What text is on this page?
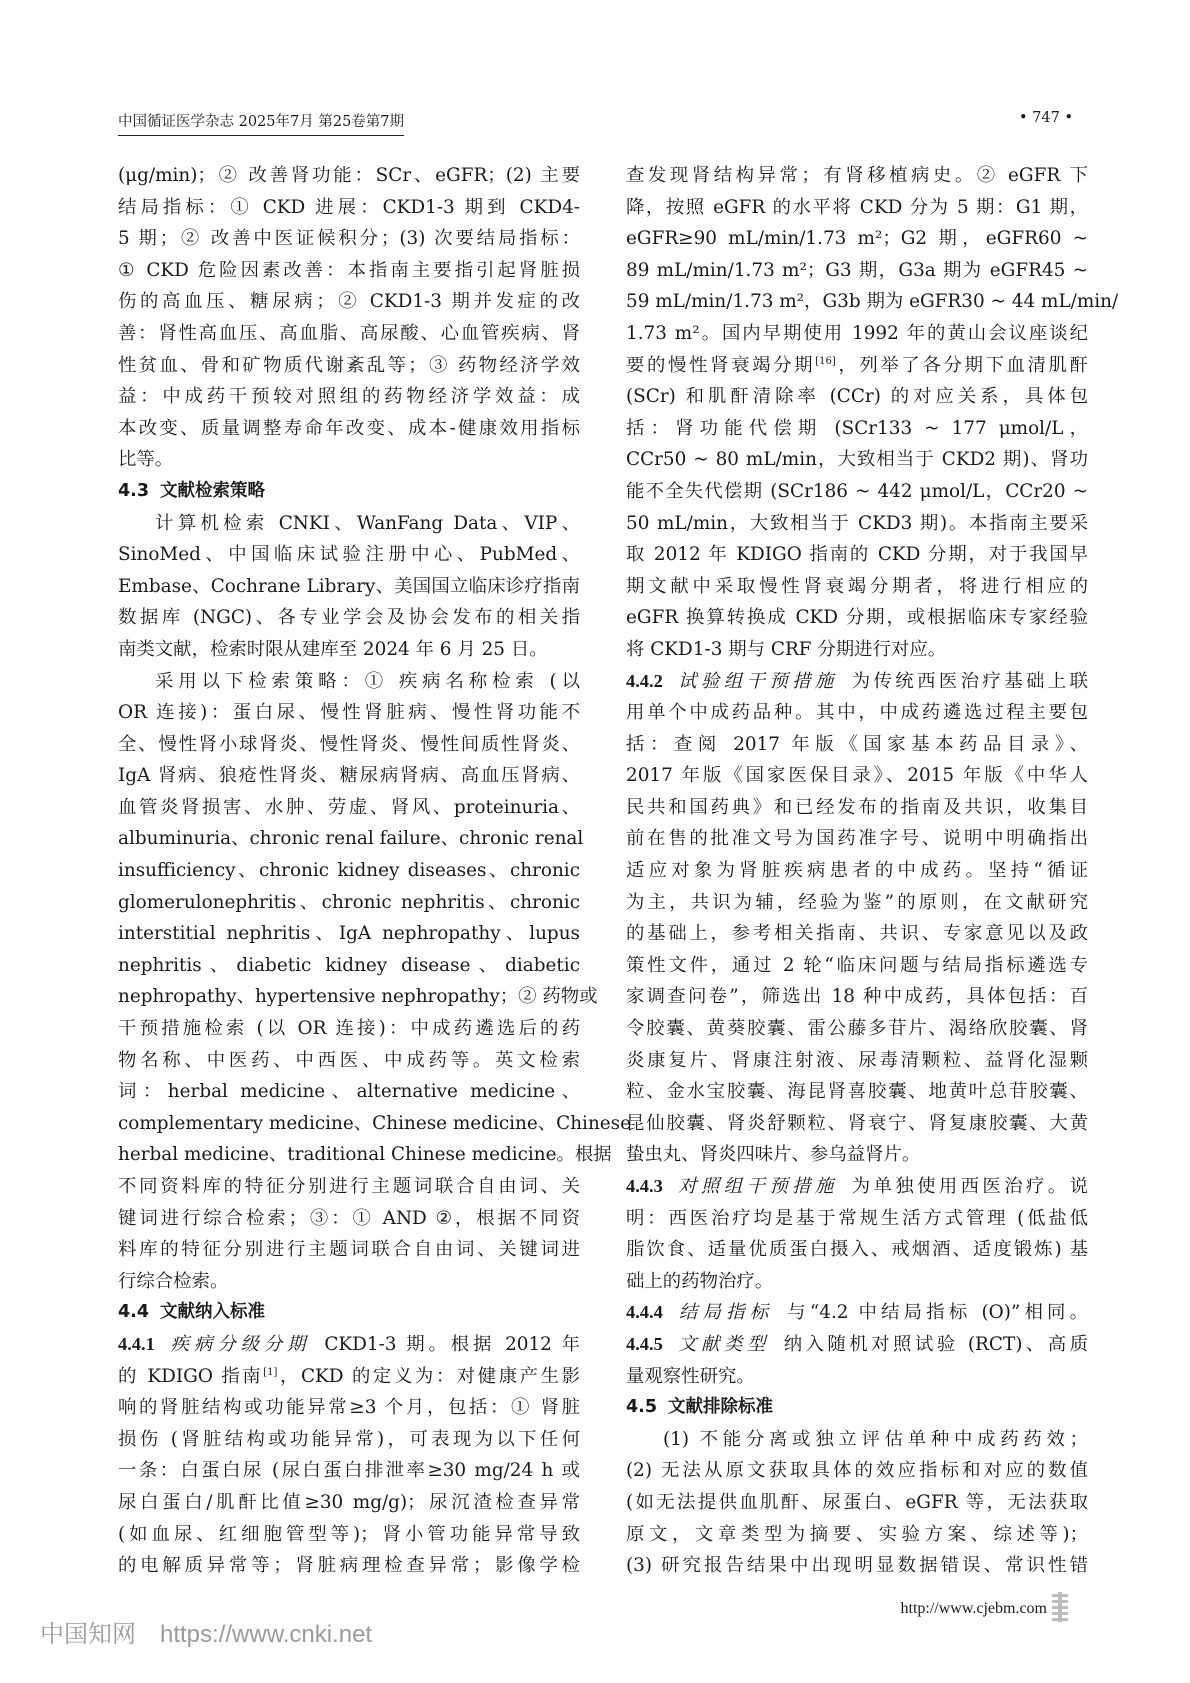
中国循证医学杂志 2025年7月 第25卷第7期	• 747 •
(μg/min)；② 改善肾功能：SCr、eGFR；(2) 主要
结局指标：① CKD 进展：CKD1-3 期到 CKD4-
5 期；② 改善中医证候积分；(3) 次要结局指标：
① CKD 危险因素改善：本指南主要指引起肾脏损
伤的高血压、糖尿病；② CKD1-3 期并发症的改
善：肾性高血压、高血脂、高尿酸、心血管疾病、肾
性贫血、骨和矿物质代谢紊乱等；③ 药物经济学效
益：中成药干预较对照组的药物经济学效益：成
本改变、质量调整寿命年改变、成本-健康效用指标
比等。
4.3 文献检索策略
计算机检索 CNKI、WanFang Data、VIP、
SinoMed、中国临床试验注册中心、PubMed、
Embase、Cochrane Library、美国国立临床诊疗指南
数据库 (NGC)、各专业学会及协会发布的相关指
南类文献，检索时限从建库至 2024 年 6 月 25 日。
采用以下检索策略：① 疾病名称检索 (以
OR 连接)：蛋白尿、慢性肾脏病、慢性肾功能不
全、慢性肾小球肾炎、慢性肾炎、慢性间质性肾炎、
IgA 肾病、狼疮性肾炎、糖尿病肾病、高血压肾病、
血管炎肾损害、水肿、劳虚、肾风、proteinuria、
albuminuria、chronic renal failure、chronic renal
insufficiency、chronic kidney diseases、chronic
glomerulonephritis、chronic nephritis、chronic
interstitial nephritis、IgA nephropathy、lupus
nephritis、diabetic kidney disease、diabetic
nephropathy、hypertensive nephropathy；② 药物或
干预措施检索 (以 OR 连接)：中成药遴选后的药
物名称、中医药、中西医、中成药等。英文检索
词：herbal medicine、alternative medicine、
complementary medicine、Chinese medicine、Chinese
herbal medicine、traditional Chinese medicine。根据
不同资料库的特征分别进行主题词联合自由词、关
键词进行综合检索；③：① AND ②，根据不同资
料库的特征分别进行主题词联合自由词、关键词进
行综合检索。
4.4 文献纳入标准
4.4.1 疾病分级分期 CKD1-3 期。根据 2012 年
的 KDIGO 指南[1]，CKD 的定义为：对健康产生影
响的肾脏结构或功能异常≥3 个月，包括：① 肾脏
损伤 (肾脏结构或功能异常)，可表现为以下任何
一条：白蛋白尿 (尿白蛋白排泄率≥30 mg/24 h 或
尿白蛋白/肌酐比值≥30 mg/g)；尿沉渣检查异常
(如血尿、红细胞管型等)；肾小管功能异常导致
的电解质异常等；肾脏病理检查异常；影像学检
查发现肾结构异常；有肾移植病史。② eGFR 下
降，按照 eGFR 的水平将 CKD 分为 5 期：G1 期，
eGFR≥90 mL/min/1.73 m²；G2 期，eGFR60 ~
89 mL/min/1.73 m²；G3 期，G3a 期为 eGFR45 ~
59 mL/min/1.73 m²，G3b 期为 eGFR30 ~ 44 mL/min/
1.73 m²。国内早期使用 1992 年的黄山会议座谈纪
要的慢性肾衰竭分期[16]，列举了各分期下血清肌酐
(SCr) 和肌酐清除率 (CCr) 的对应关系，具体包
括：肾功能代偿期 (SCr133 ~ 177 μmol/L，
CCr50 ~ 80 mL/min，大致相当于 CKD2 期)、肾功
能不全失代偿期 (SCr186 ~ 442 μmol/L，CCr20 ~
50 mL/min，大致相当于 CKD3 期)。本指南主要采
取 2012 年 KDIGO 指南的 CKD 分期，对于我国早
期文献中采取慢性肾衰竭分期者，将进行相应的
eGFR 换算转换成 CKD 分期，或根据临床专家经验
将 CKD1-3 期与 CRF 分期进行对应。
4.4.2 试验组干预措施 为传统西医治疗基础上联
用单个中成药品种。其中，中成药遴选过程主要包
括：查阅 2017 年版《国家基本药品目录》、
2017 年版《国家医保目录》、2015 年版《中华人
民共和国药典》和已经发布的指南及共识，收集目
前在售的批准文号为国药准字号、说明中明确指出
适应对象为肾脏疾病患者的中成药。坚持“循证
为主，共识为辅，经验为鉴”的原则，在文献研究
的基础上，参考相关指南、共识、专家意见以及政
策性文件，通过 2 轮“临床问题与结局指标遴选专
家调查问卷”，筛选出 18 种中成药，具体包括：百
令胶囊、黄葵胶囊、雷公藤多苷片、渴络欣胶囊、肾
炎康复片、肾康注射液、尿毒清颗粒、益肾化湿颗
粒、金水宝胶囊、海昆肾喜胶囊、地黄叶总苷胶囊、
昆仙胶囊、肾炎舒颗粒、肾衰宁、肾复康胶囊、大黄
蛰虫丸、肾炎四味片、参乌益肾片。
4.4.3 对照组干预措施 为单独使用西医治疗。说
明：西医治疗均是基于常规生活方式管理 (低盐低
脂饮食、适量优质蛋白摄入、戒烟酒、适度锻炼) 基
础上的药物治疗。
4.4.4 结局指标 与“4.2 中结局指标 (O)”相同。
4.4.5 文献类型 纳入随机对照试验 (RCT)、高质
量观察性研究。
4.5 文献排除标准
(1) 不能分离或独立评估单种中成药药效；
(2) 无法从原文获取具体的效应指标和对应的数值
(如无法提供血肌酐、尿蛋白、eGFR 等，无法获取
原文，文章类型为摘要、实验方案、综述等)；
(3) 研究报告结果中出现明显数据错误、常识性错
http://www.cjebm.com
中国知网 https://www.cnki.net
